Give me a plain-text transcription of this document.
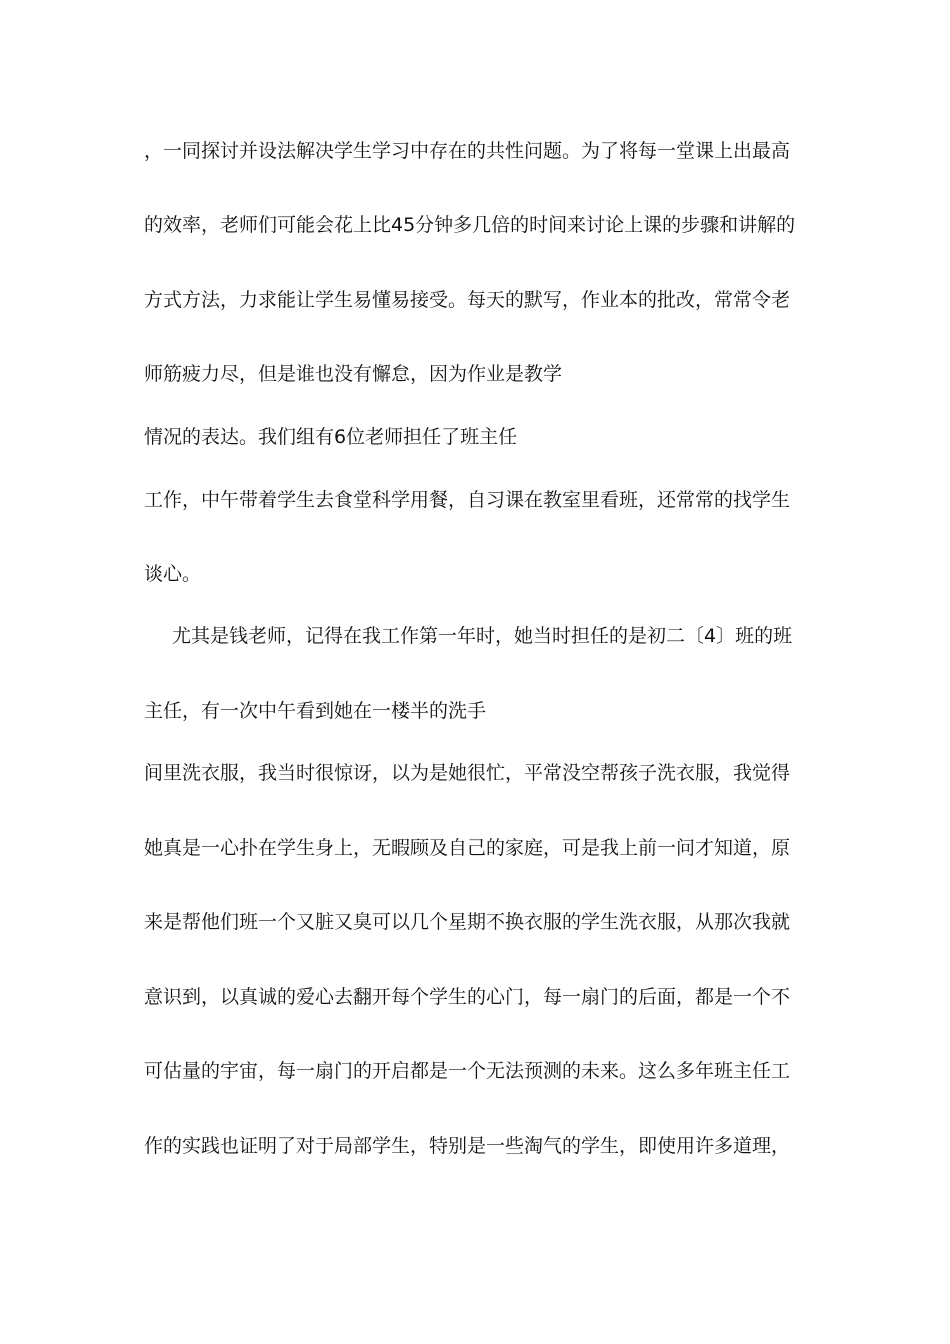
，一同探讨并设法解决学生学习中存在的共性问题。为了将每一堂课上出最高
的效率，老师们可能会花上比45分钟多几倍的时间来讨论上课的步骤和讲解的
方式方法，力求能让学生易懂易接受。每天的默写，作业本的批改，常常令老
师筋疲力尽，但是谁也没有懈怠，因为作业是教学
情况的表达。我们组有6位老师担任了班主任
工作，中午带着学生去食堂科学用餐，自习课在教室里看班，还常常的找学生
谈心。
尤其是钱老师，记得在我工作第一年时，她当时担任的是初二〔4〕班的班
主任，有一次中午看到她在一楼半的洗手
间里洗衣服，我当时很惊讶，以为是她很忙，平常没空帮孩子洗衣服，我觉得
她真是一心扑在学生身上，无暇顾及自己的家庭，可是我上前一问才知道，原
来是帮他们班一个又脏又臭可以几个星期不换衣服的学生洗衣服，从那次我就
意识到，以真诚的爱心去翻开每个学生的心门，每一扇门的后面，都是一个不
可估量的宇宙，每一扇门的开启都是一个无法预测的未来。这么多年班主任工
作的实践也证明了对于局部学生，特别是一些淘气的学生，即使用许多道理，
